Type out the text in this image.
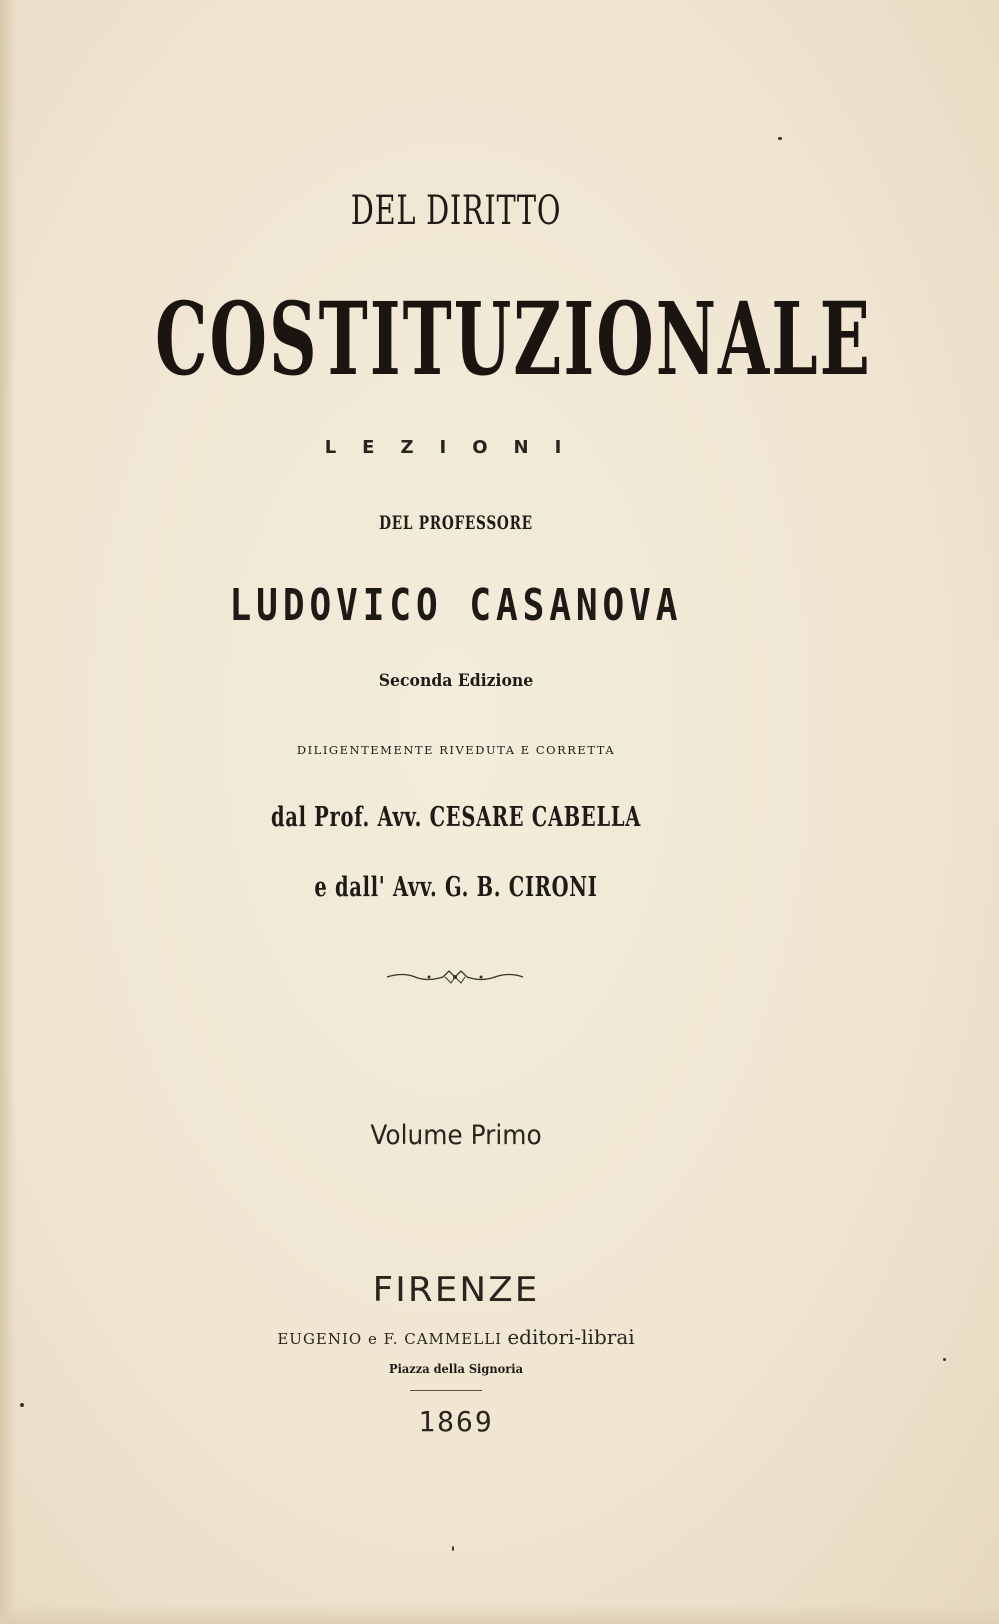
DEL DIRITTO
COSTITUZIONALE
LEZIONI
DEL PROFESSORE
LUDOVICO CASANOVA
Seconda Edizione
DILIGENTEMENTE RIVEDUTA E CORRETTA
dal Prof. Avv. CESARE CABELLA
e dall' Avv. G. B. CIRONI
Volume Primo
FIRENZE
EUGENIO e F. CAMMELLI editori-librai
Piazza della Signoria
1869
